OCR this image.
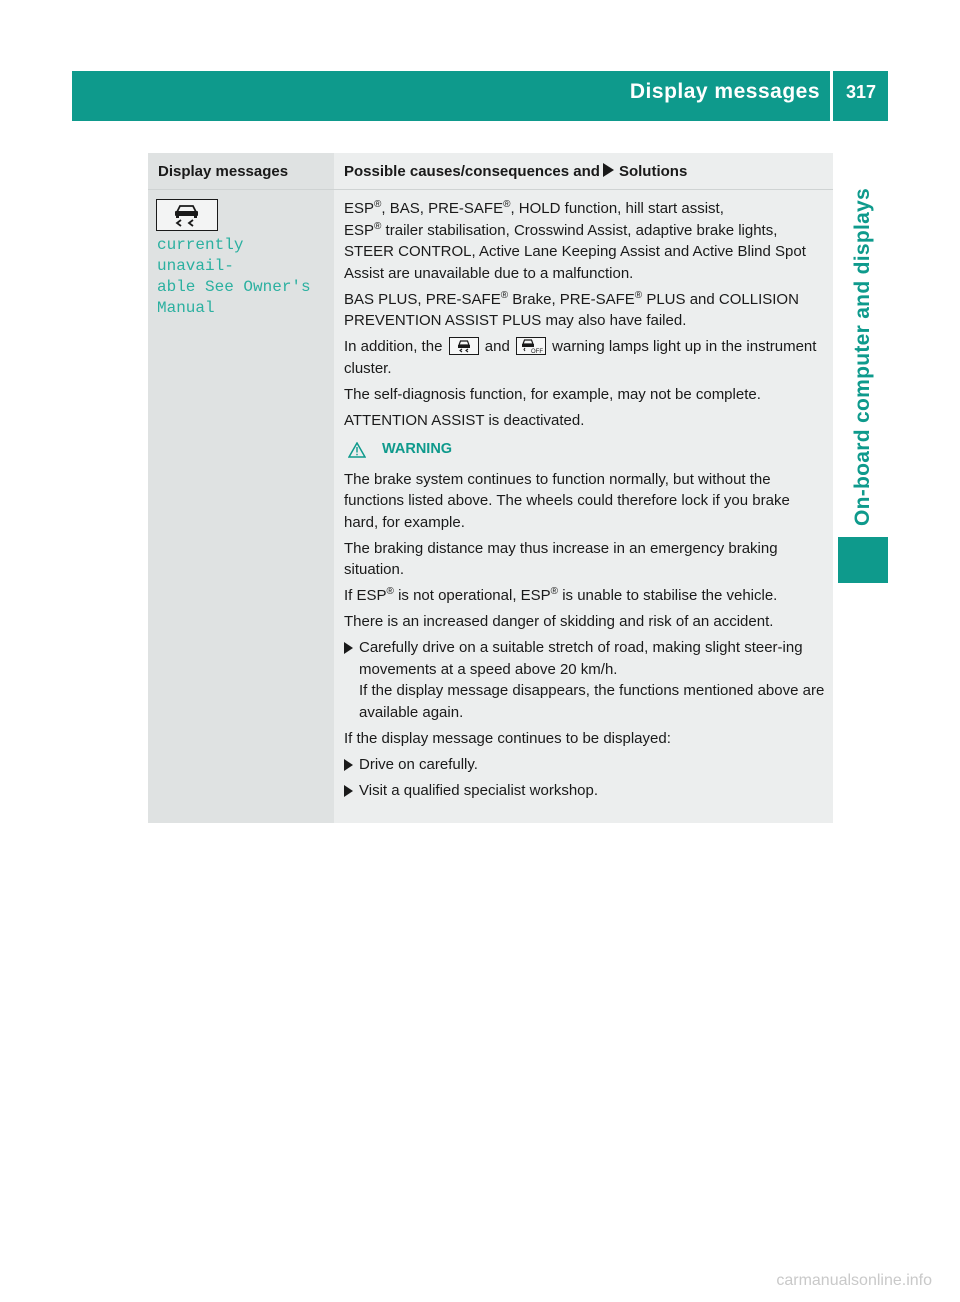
Display messages	317
On-board computer and displays
Display messages	Possible causes/consequences and Solutions
currently unavail‐
able See Owner's
Manual

ESP®, BAS, PRE-SAFE®, HOLD function, hill start assist,
ESP® trailer stabilisation, Crosswind Assist, adaptive brake lights, STEER CONTROL, Active Lane Keeping Assist and Active Blind Spot Assist are unavailable due to a malfunction.

BAS PLUS, PRE-SAFE® Brake, PRE-SAFE® PLUS and COLLISION PREVENTION ASSIST PLUS may also have failed.

In addition, the	and	OFF warning lamps light up in the instrument cluster.

The self-diagnosis function, for example, may not be complete.

ATTENTION ASSIST is deactivated.

WARNING

The brake system continues to function normally, but without the functions listed above. The wheels could therefore lock if you brake hard, for example.

The braking distance may thus increase in an emergency braking situation.

If ESP® is not operational, ESP® is unable to stabilise the vehicle.

There is an increased danger of skidding and risk of an accident.

Carefully drive on a suitable stretch of road, making slight steer‐ing movements at a speed above 20 km/h.
If the display message disappears, the functions mentioned above are available again.

If the display message continues to be displayed:

Drive on carefully.

Visit a qualified specialist workshop.

carmanualsonline.info
